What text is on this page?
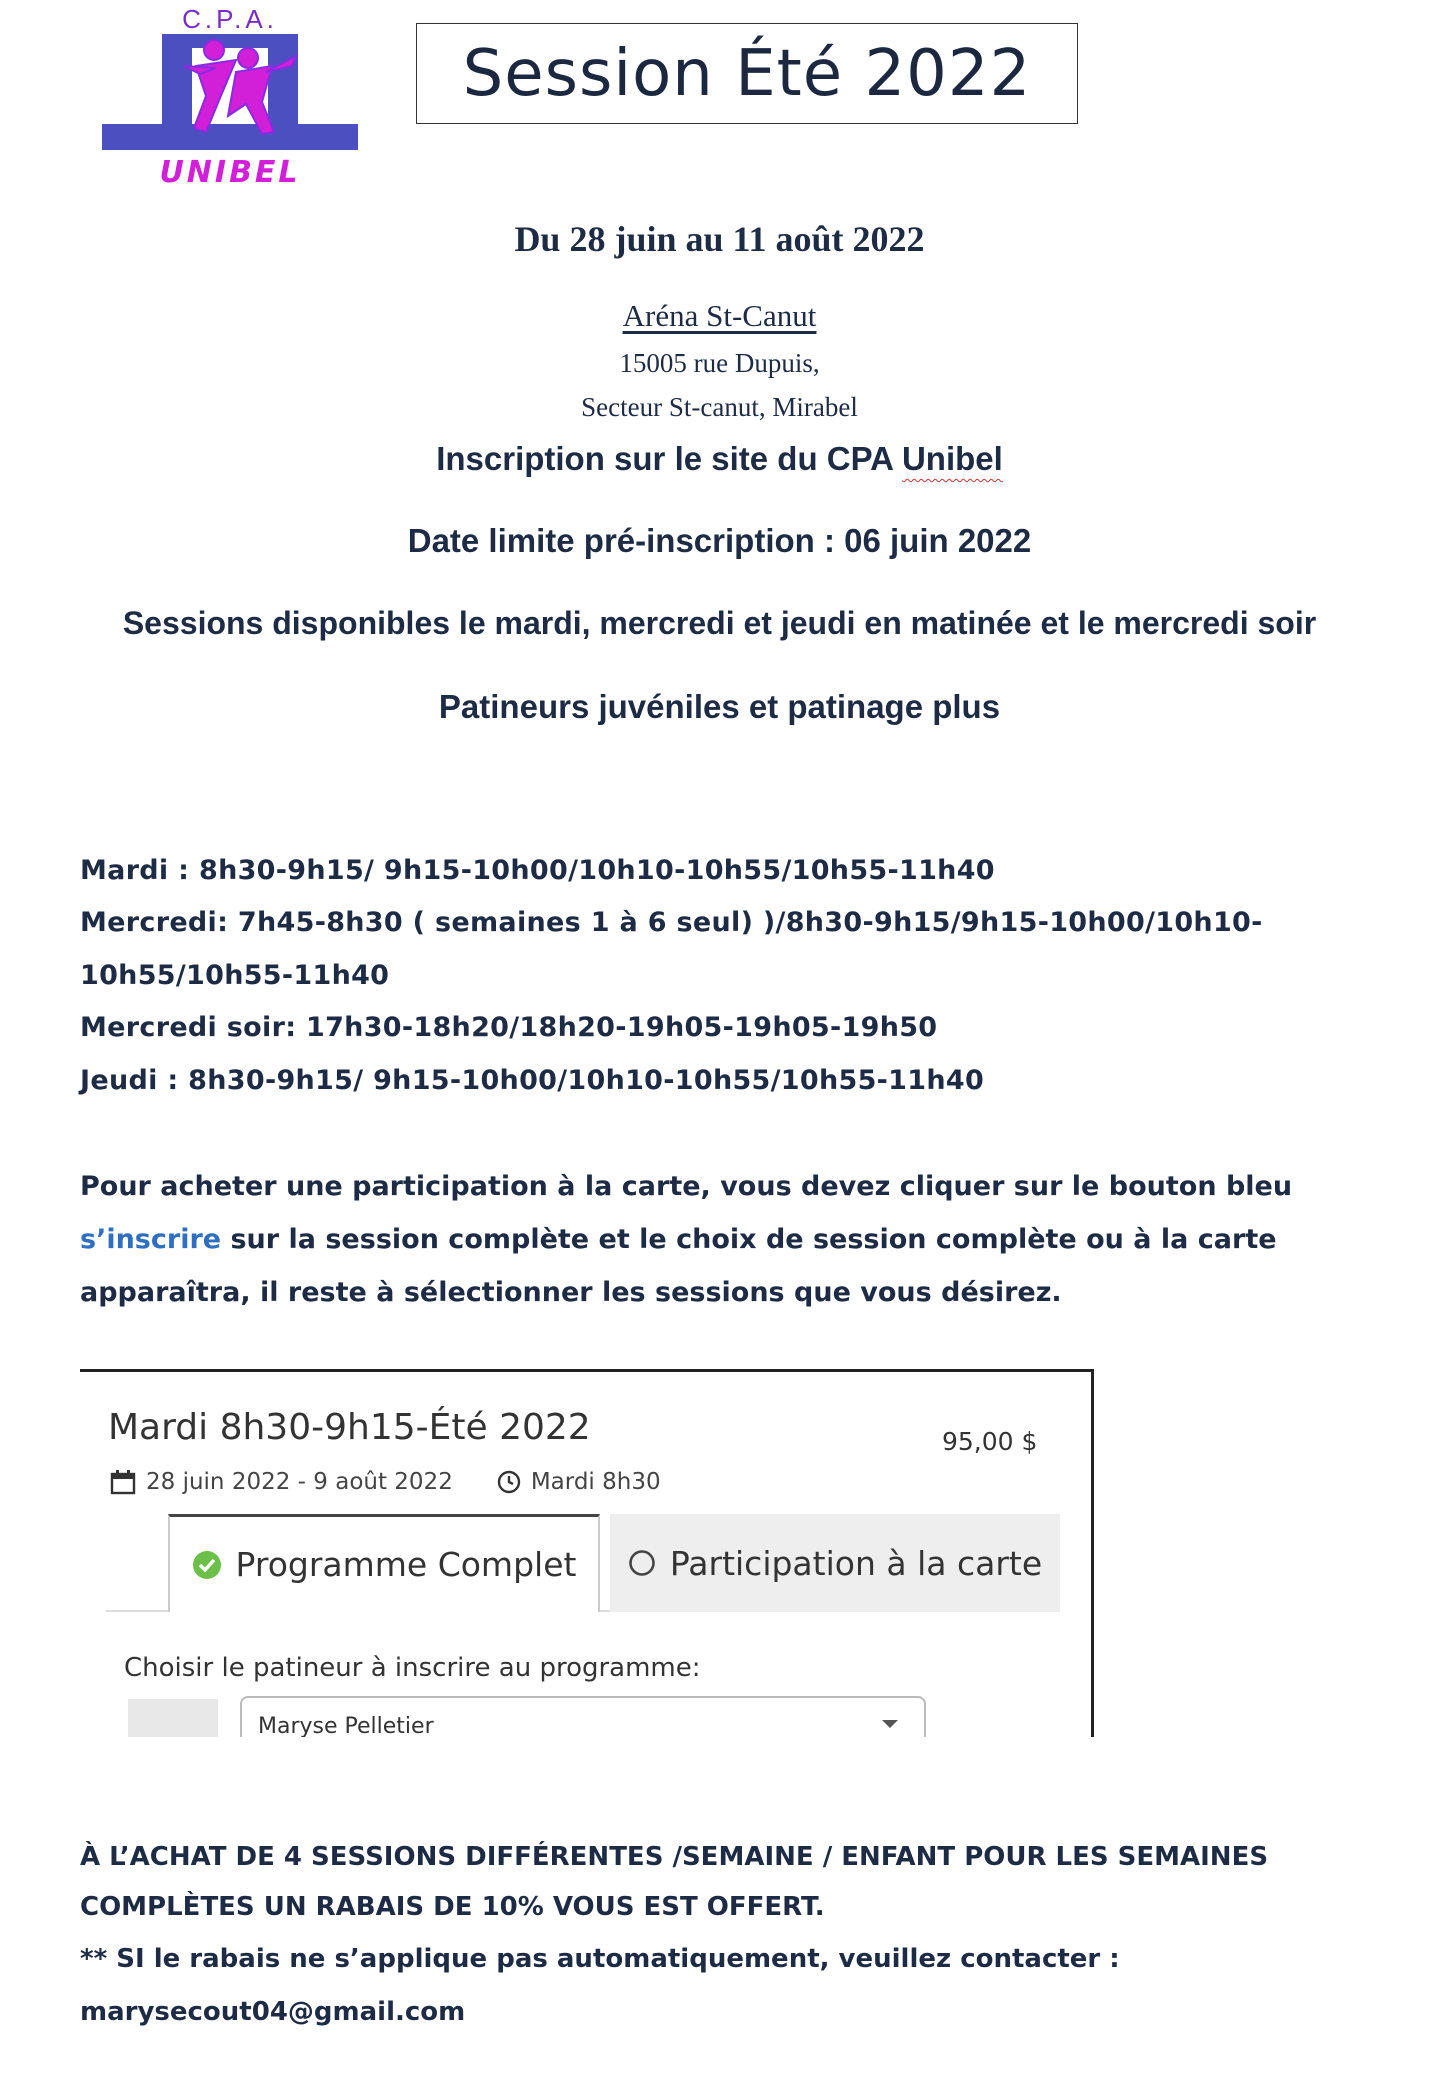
C.P.A.
UNIBEL
Session Été 2022
Du 28 juin au 11 août 2022
Aréna St-Canut
15005 rue Dupuis,
Secteur St-canut, Mirabel
Inscription sur le site du CPA Unibel
Date limite pré-inscription : 06 juin 2022
Sessions disponibles le mardi, mercredi et jeudi en matinée et le mercredi soir
Patineurs juvéniles et patinage plus
Mardi : 8h30-9h15/ 9h15-10h00/10h10-10h55/10h55-11h40
Mercredi: 7h45-8h30 ( semaines 1 à 6 seul) )/8h30-9h15/9h15-10h00/10h10-
10h55/10h55-11h40
Mercredi soir: 17h30-18h20/18h20-19h05-19h05-19h50
Jeudi : 8h30-9h15/ 9h15-10h00/10h10-10h55/10h55-11h40
Pour acheter une participation à la carte, vous devez cliquer sur le bouton bleu s’inscrire sur la session complète et le choix de session complète ou à la carte apparaîtra, il reste à sélectionner les sessions que vous désirez.
Mardi 8h30-9h15-Été 2022	95,00 $
28 juin 2022 - 9 août 2022	Mardi 8h30
Programme Complet	Participation à la carte
Choisir le patineur à inscrire au programme:
Maryse Pelletier
À L’ACHAT DE 4 SESSIONS DIFFÉRENTES /SEMAINE / ENFANT POUR LES SEMAINES
COMPLÈTES UN RABAIS DE 10% VOUS EST OFFERT.
** SI le rabais ne s’applique pas automatiquement, veuillez contacter :
marysecout04@gmail.com
